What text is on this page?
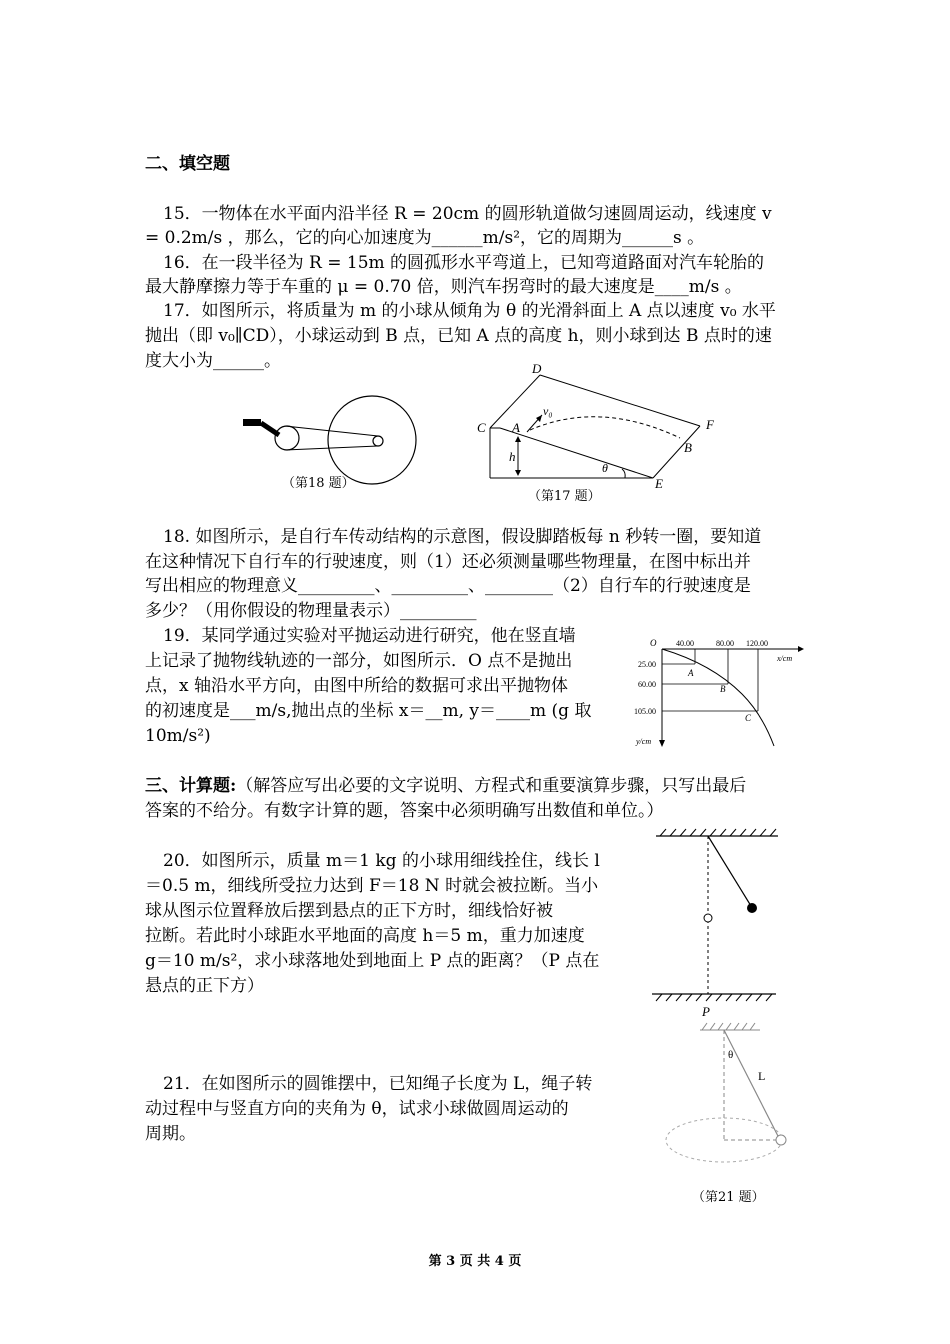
二、填空题
15．一物体在水平面内沿半径 R = 20cm 的圆形轨道做匀速圆周运动，线速度 v
= 0.2m/s ，那么，它的向心加速度为______m/s²，它的周期为______s 。
16．在一段半径为 R = 15m 的圆孤形水平弯道上，已知弯道路面对汽车轮胎的
最大静摩擦力等于车重的 μ = 0.70 倍，则汽车拐弯时的最大速度是____m/s 。
17．如图所示，将质量为 m 的小球从倾角为 θ 的光滑斜面上 A 点以速度 v₀ 水平
抛出（即 v₀∥CD），小球运动到 B 点，已知 A 点的高度 h，则小球到达 B 点时的速
度大小为______。
（第18 题）
D
C A
v₀
F
B
h
θ
E
（第17 题）
18. 如图所示，是自行车传动结构的示意图，假设脚踏板每 n 秒转一圈，要知道
在这种情况下自行车的行驶速度，则（1）还必须测量哪些物理量，在图中标出并
写出相应的物理意义_________、_________、________（2）自行车的行驶速度是
多少？（用你假设的物理量表示）_________
19．某同学通过实验对平抛运动进行研究，他在竖直墙
上记录了抛物线轨迹的一部分，如图所示．O 点不是抛出
点，x 轴沿水平方向，由图中所给的数据可求出平抛物体
的初速度是___m/s,抛出点的坐标 x＝__m, y＝____m (g 取
10m/s²)
O 40.00	80.00 120.00
x/cm
y/cm
25.00
60.00
105.00
A
B
C
三、计算题:（解答应写出必要的文字说明、方程式和重要演算步骤，只写出最后
答案的不给分。有数字计算的题，答案中必须明确写出数值和单位。）
20．如图所示，质量 m＝1 kg 的小球用细线拴住，线长 l
＝0.5 m，细线所受拉力达到 F＝18 N 时就会被拉断。当小
球从图示位置释放后摆到悬点的正下方时，细线恰好被
拉断。若此时小球距水平地面的高度 h＝5 m，重力加速度
g＝10 m/s²，求小球落地处到地面上 P 点的距离？（P 点在
悬点的正下方）
P
21．在如图所示的圆锥摆中，已知绳子长度为 L，绳子转
动过程中与竖直方向的夹角为 θ，试求小球做圆周运动的
周期。
θ
L
（第21 题）
第 3 页 共 4 页
